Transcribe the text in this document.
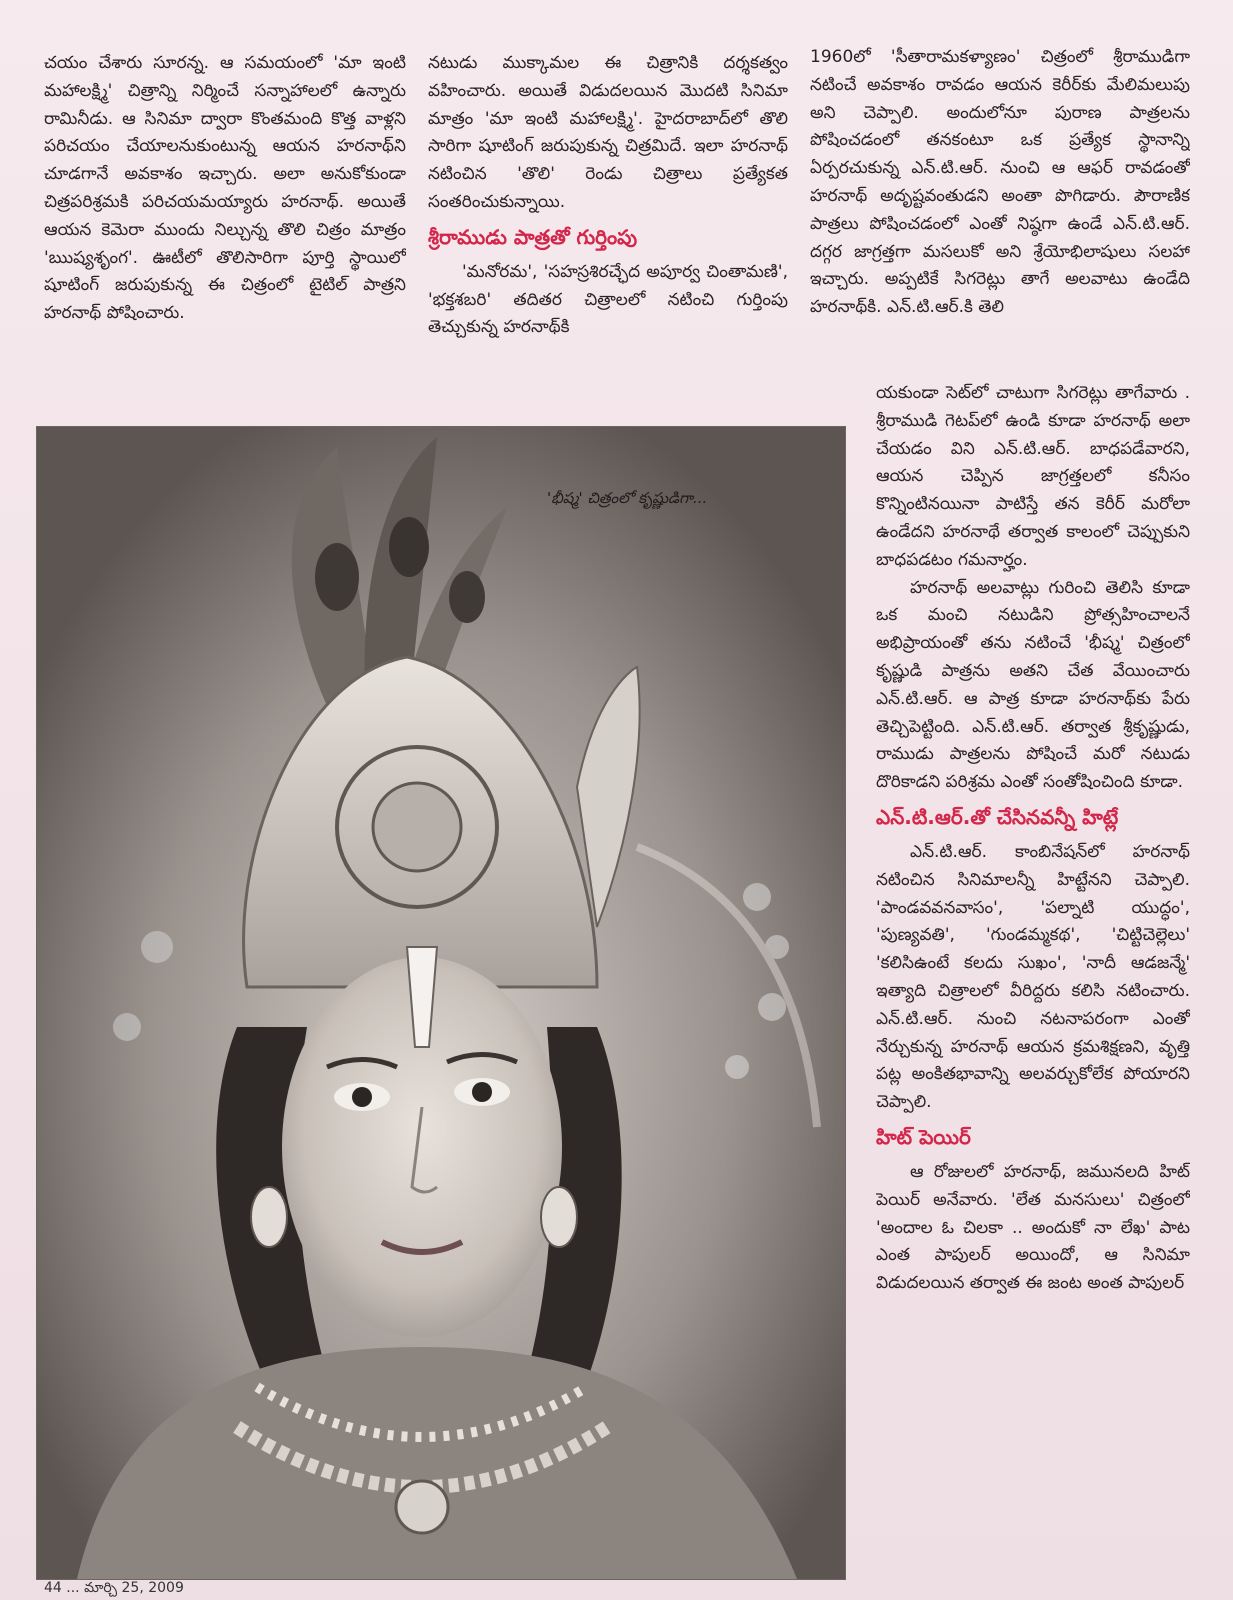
చయం చేశారు సూరన్న. ఆ సమయంలో 'మా ఇంటి మహాలక్ష్మి' చిత్రాన్ని నిర్మించే సన్నాహాలలో ఉన్నారు రామినీడు. ఆ సినిమా ద్వారా కొంతమంది కొత్త వాళ్లని పరిచయం చేయాలనుకుంటున్న ఆయన హరనాథ్‌ని చూడగానే అవకాశం ఇచ్చారు. అలా అనుకోకుండా చిత్రపరిశ్రమకి పరిచయమయ్యారు హరనాథ్. అయితే ఆయన కెమెరా ముందు నిల్చున్న తొలి చిత్రం మాత్రం 'ఋష్యశృంగ'. ఊటీలో తొలిసారిగా పూర్తి స్థాయిలో షూటింగ్ జరుపుకున్న ఈ చిత్రంలో టైటిల్ పాత్రని హరనాథ్ పోషించారు.

నటుడు ముక్కామల ఈ చిత్రానికి దర్శకత్వం వహించారు. అయితే విడుదలయిన మొదటి సినిమా మాత్రం 'మా ఇంటి మహాలక్ష్మి'. హైదరాబాద్‌లో తొలి సారిగా షూటింగ్ జరుపుకున్న చిత్రమిదే. ఇలా హరనాథ్ నటించిన 'తొలి' రెండు చిత్రాలు ప్రత్యేకత సంతరించుకున్నాయి.

శ్రీరాముడు పాత్రతో గుర్తింపు

'మనోరమ', 'సహస్రశిరచ్ఛేద అపూర్వ చింతామణి', 'భక్తశబరి' తదితర చిత్రాలలో నటించి గుర్తింపు తెచ్చుకున్న హరనాథ్‌కి

1960లో 'సీతారామకళ్యాణం' చిత్రంలో శ్రీరాముడిగా నటించే అవకాశం రావడం ఆయన కెరీర్‌కు మేలిమలుపు అని చెప్పాలి. అందులోనూ పురాణ పాత్రలను పోషించడంలో తనకంటూ ఒక ప్రత్యేక స్థానాన్ని ఏర్పరచుకున్న ఎన్.టి.ఆర్. నుంచి ఆ ఆఫర్ రావడంతో హరనాథ్ అదృష్టవంతుడని అంతా పొగిడారు. పౌరాణిక పాత్రలు పోషించడంలో ఎంతో నిష్ఠగా ఉండే ఎన్.టి.ఆర్. దగ్గర జాగ్రత్తగా మసలుకో అని శ్రేయోభిలాషులు సలహా ఇచ్చారు. అప్పటికే సిగరెట్లు తాగే అలవాటు ఉండేది హరనాథ్‌కి. ఎన్.టి.ఆర్.కి తెలి

యకుండా సెట్‌లో చాటుగా సిగరెట్లు తాగేవారు . శ్రీరాముడి గెటప్‌లో ఉండి కూడా హరనాథ్ అలా చేయడం విని ఎన్.టి.ఆర్. బాధపడేవారని, ఆయన చెప్పిన జాగ్రత్తలలో కనీసం కొన్నింటినయినా పాటిస్తే తన కెరీర్ మరోలా ఉండేదని హరనాథే తర్వాత కాలంలో చెప్పుకుని బాధపడటం గమనార్హం.

హరనాథ్ అలవాట్లు గురించి తెలిసి కూడా ఒక మంచి నటుడిని ప్రోత్సహించాలనే అభిప్రాయంతో తను నటించే 'భీష్మ' చిత్రంలో కృష్ణుడి పాత్రను అతని చేత వేయించారు ఎన్.టి.ఆర్. ఆ పాత్ర కూడా హరనాథ్‌కు పేరు తెచ్చిపెట్టింది. ఎన్.టి.ఆర్. తర్వాత శ్రీకృష్ణుడు, రాముడు పాత్రలను పోషించే మరో నటుడు దొరికాడని పరిశ్రమ ఎంతో సంతోషించింది కూడా.

ఎన్.టి.ఆర్.తో చేసినవన్నీ హిట్లే

ఎన్.టి.ఆర్. కాంబినేషన్‌లో హరనాథ్ నటించిన సినిమాలన్నీ హిట్టేనని చెప్పాలి. 'పాండవవనవాసం', 'పల్నాటి యుద్ధం', 'పుణ్యవతి', 'గుండమ్మకథ', 'చిట్టిచెల్లెలు' 'కలిసిఉంటే కలదు సుఖం', 'నాదీ ఆడజన్మే' ఇత్యాది చిత్రాలలో వీరిద్దరు కలిసి నటించారు. ఎన్.టి.ఆర్. నుంచి నటనాపరంగా ఎంతో నేర్చుకున్న హరనాథ్ ఆయన క్రమశిక్షణని, వృత్తి పట్ల అంకితభావాన్ని అలవర్చుకోలేక పోయారని చెప్పాలి.

హిట్ పెయిర్

ఆ రోజులలో హరనాథ్, జమునలది హిట్ పెయిర్ అనేవారు. 'లేత మనసులు' చిత్రంలో 'అందాల ఓ చిలకా .. అందుకో నా లేఖ' పాట ఎంత పాపులర్ అయిందో, ఆ సినిమా విడుదలయిన తర్వాత ఈ జంట అంత పాపులర్

'భీష్మ' చిత్రంలో కృష్ణుడిగా...
44 ... మార్చి 25, 2009
